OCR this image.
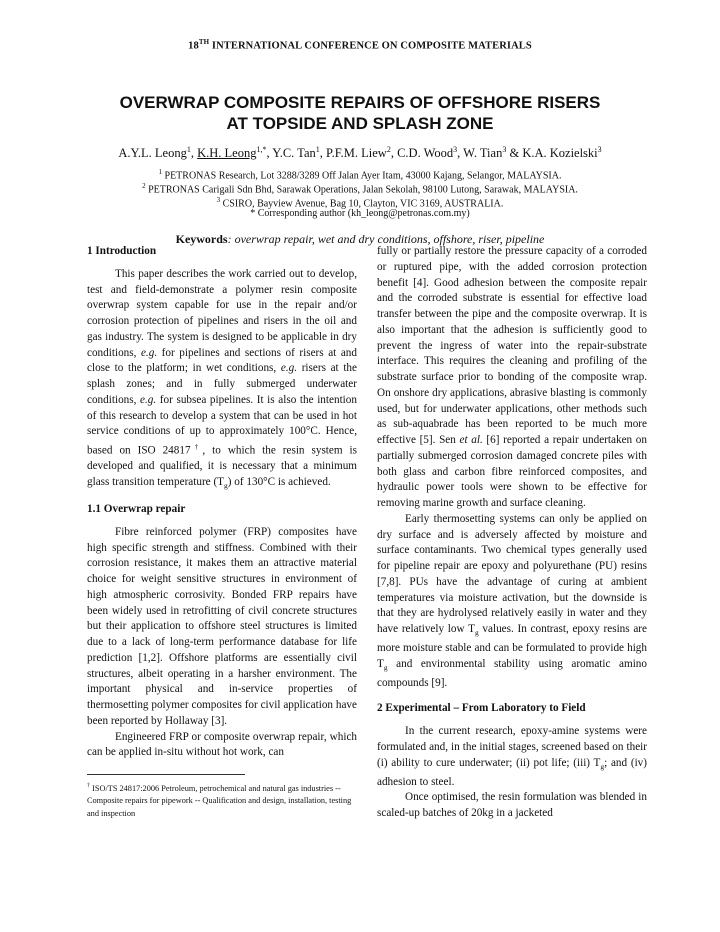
18TH INTERNATIONAL CONFERENCE ON COMPOSITE MATERIALS
OVERWRAP COMPOSITE REPAIRS OF OFFSHORE RISERS
AT TOPSIDE AND SPLASH ZONE
A.Y.L. Leong$^1$, K.H. Leong$^{1,*}$, Y.C. Tan$^1$, P.F.M. Liew$^2$, C.D. Wood$^3$, W. Tian$^3$ & K.A. Kozielski$^3$
$^1$ PETRONAS Research, Lot 3288/3289 Off Jalan Ayer Itam, 43000 Kajang, Selangor, MALAYSIA.
$^2$ PETRONAS Carigali Sdn Bhd, Sarawak Operations, Jalan Sekolah, 98100 Lutong, Sarawak, MALAYSIA.
$^3$ CSIRO, Bayview Avenue, Bag 10, Clayton, VIC 3169, AUSTRALIA.
* Corresponding author (kh_leong@petronas.com.my)
Keywords: overwrap repair, wet and dry conditions, offshore, riser, pipeline
1 Introduction

This paper describes the work carried out to develop, test and field-demonstrate a polymer resin composite overwrap system capable for use in the repair and/or corrosion protection of pipelines and risers in the oil and gas industry. The system is designed to be applicable in dry conditions, e.g. for pipelines and sections of risers at and close to the platform; in wet conditions, e.g. risers at the splash zones; and in fully submerged underwater conditions, e.g. for subsea pipelines. It is also the intention of this research to develop a system that can be used in hot service conditions of up to approximately 100°C. Hence, based on ISO 24817†, to which the resin system is developed and qualified, it is necessary that a minimum glass transition temperature $(T_g)$ of 130°C is achieved.

1.1 Overwrap repair

Fibre reinforced polymer (FRP) composites have high specific strength and stiffness. Combined with their corrosion resistance, it makes them an attractive material choice for weight sensitive structures in environment of high atmospheric corrosivity. Bonded FRP repairs have been widely used in retrofitting of civil concrete structures but their application to offshore steel structures is limited due to a lack of long-term performance database for life prediction [1,2]. Offshore platforms are essentially civil structures, albeit operating in a harsher environment. The important physical and in-service properties of thermosetting polymer composites for civil application have been reported by Hollaway [3].

Engineered FRP or composite overwrap repair, which can be applied in-situ without hot work, can

† ISO/TS 24817:2006 Petroleum, petrochemical and natural gas industries -- Composite repairs for pipework -- Qualification and design, installation, testing and inspection

fully or partially restore the pressure capacity of a corroded or ruptured pipe, with the added corrosion protection benefit [4]. Good adhesion between the composite repair and the corroded substrate is essential for effective load transfer between the pipe and the composite overwrap. It is also important that the adhesion is sufficiently good to prevent the ingress of water into the repair-substrate interface. This requires the cleaning and profiling of the substrate surface prior to bonding of the composite wrap. On onshore dry applications, abrasive blasting is commonly used, but for underwater applications, other methods such as sub-aquabrade has been reported to be much more effective [5]. Sen et al. [6] reported a repair undertaken on partially submerged corrosion damaged concrete piles with both glass and carbon fibre reinforced composites, and hydraulic power tools were shown to be effective for removing marine growth and surface cleaning.

Early thermosetting systems can only be applied on dry surface and is adversely affected by moisture and surface contaminants. Two chemical types generally used for pipeline repair are epoxy and polyurethane (PU) resins [7,8]. PUs have the advantage of curing at ambient temperatures via moisture activation, but the downside is that they are hydrolysed relatively easily in water and they have relatively low $T_g$ values. In contrast, epoxy resins are more moisture stable and can be formulated to provide high $T_g$ and environmental stability using aromatic amino compounds [9].

2 Experimental – From Laboratory to Field

In the current research, epoxy-amine systems were formulated and, in the initial stages, screened based on their (i) ability to cure underwater; (ii) pot life; (iii) $T_g$; and (iv) adhesion to steel.

Once optimised, the resin formulation was blended in scaled-up batches of 20kg in a jacketed
